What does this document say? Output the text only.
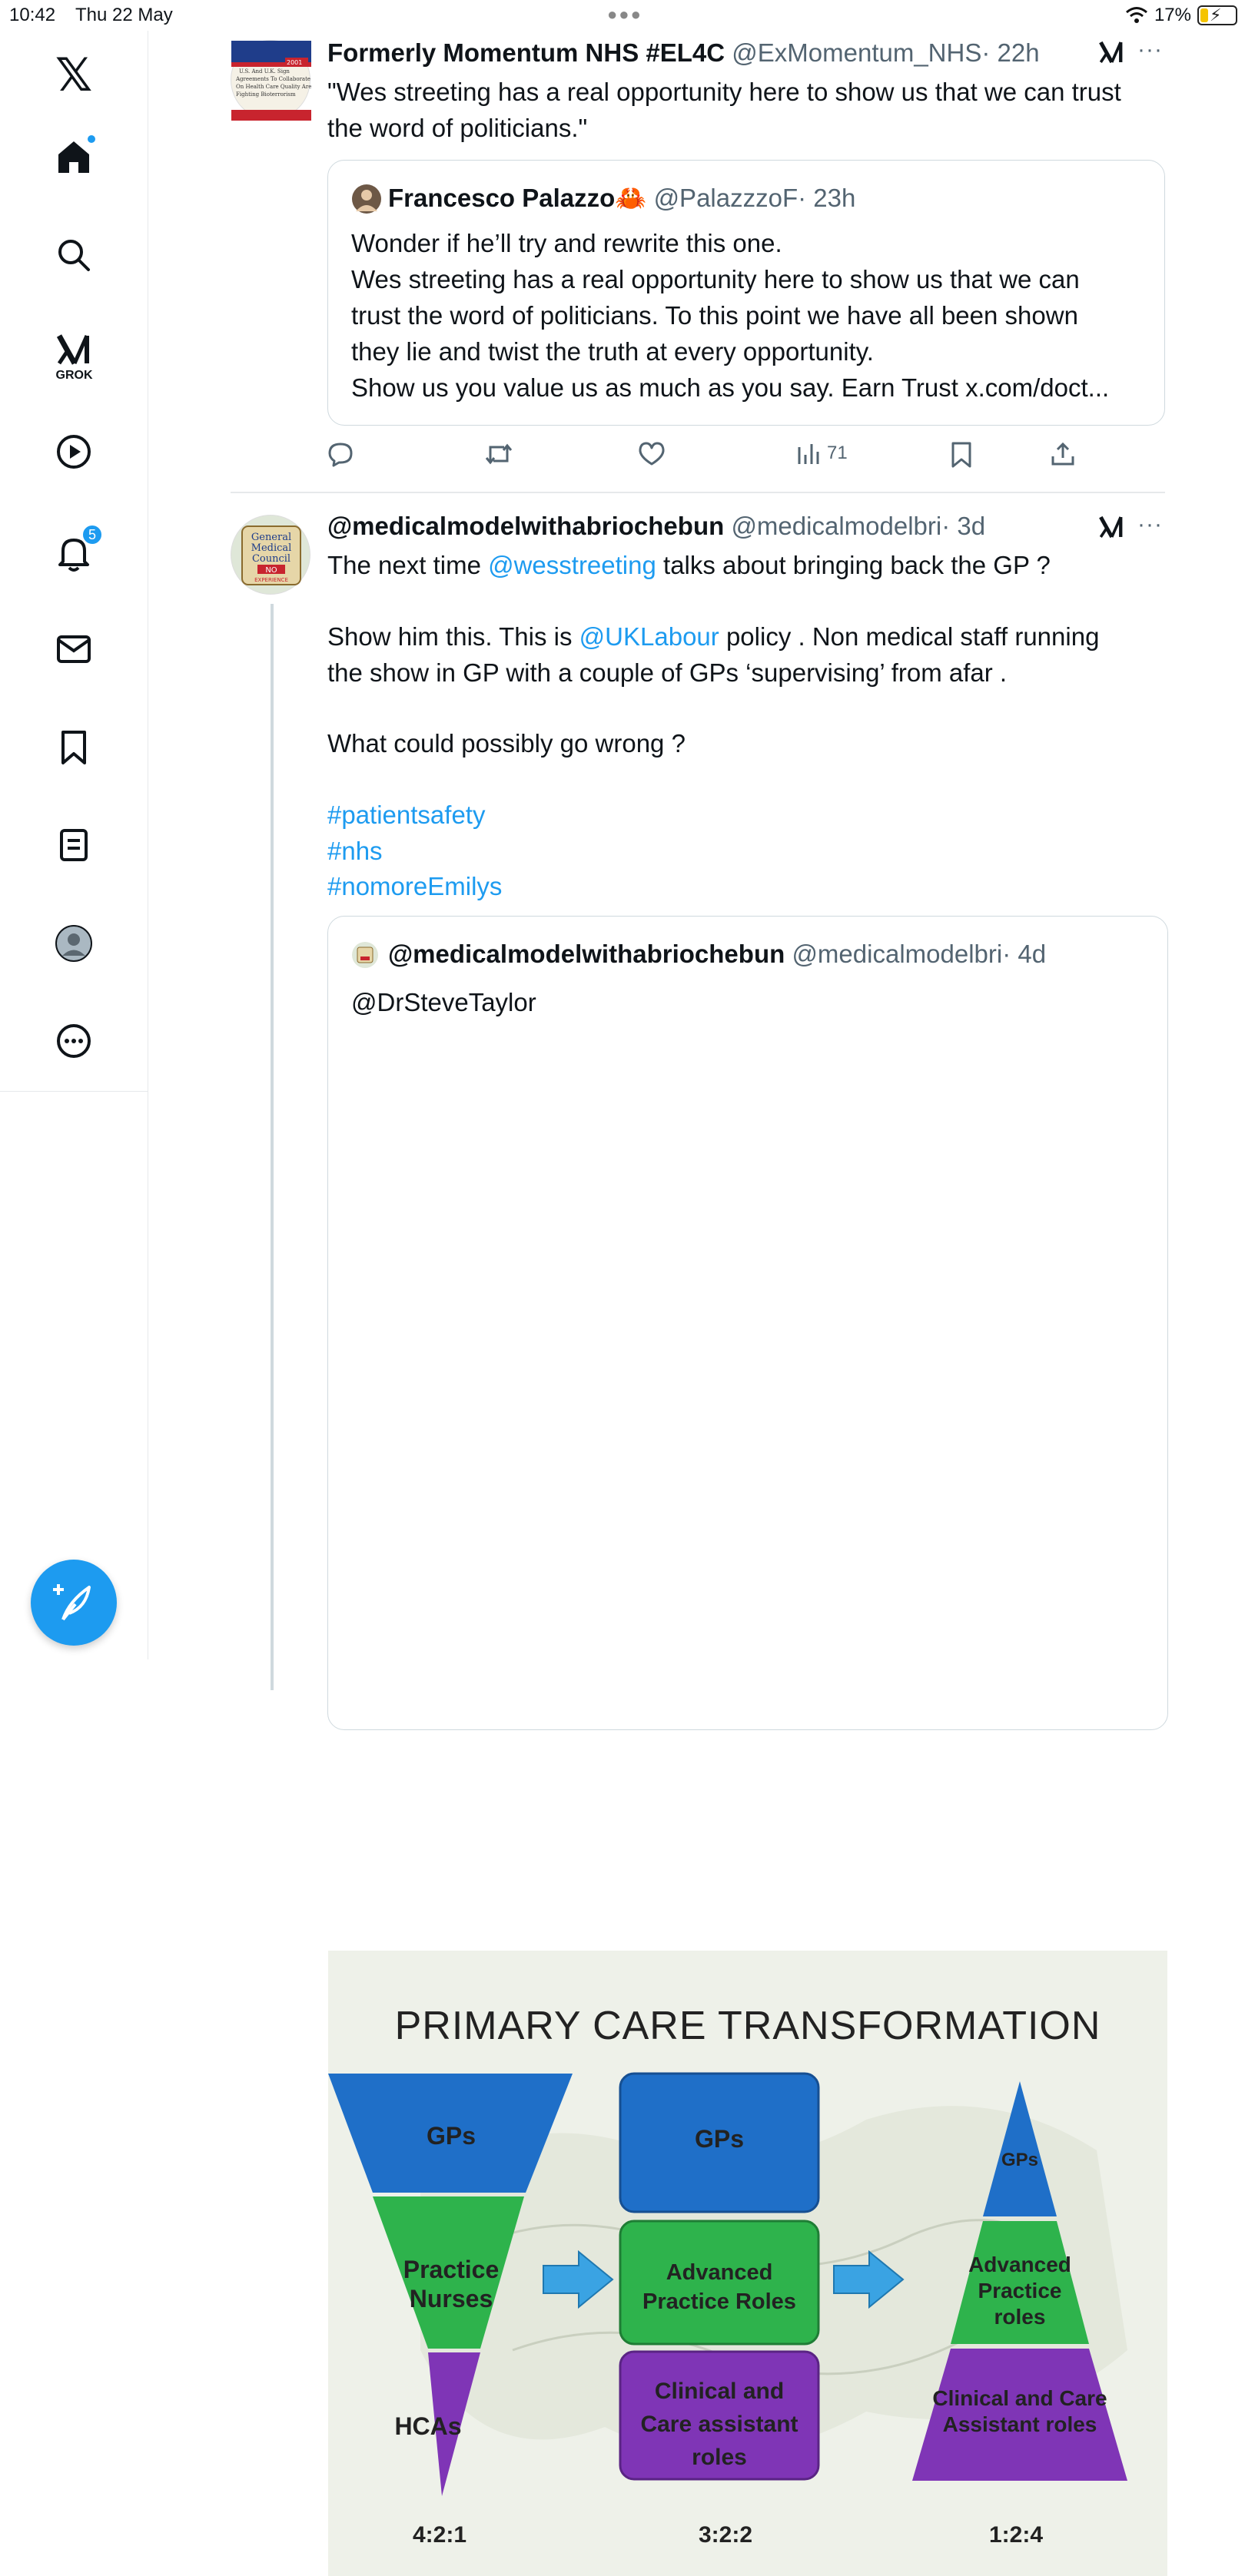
10:42 Thu 22 May	●●●	17% ⚡
𝕏
GROK
5
2001
U.S. And U.K. Sign
Agreements To Collaborate
On Health Care Quality Are
Fighting Bioterrorism
Formerly Momentum NHS #EL4C @ExMomentum_NHS· 22h	···
"Wes streeting has a real opportunity here to show us that we can trust
the word of politicians."
Francesco Palazzo🦀 @PalazzzoF· 23h
Wonder if he’ll try and rewrite this one.
Wes streeting has a real opportunity here to show us that we can
trust the word of politicians. To this point we have all been shown
they lie and twist the truth at every opportunity.
Show us you value us as much as you say. Earn Trust x.com/doct...
71
General
Medical
Council
NO
EXPERIENCE
@medicalmodelwithabriochebun @medicalmodelbri· 3d	···
The next time @wesstreeting talks about bringing back the GP ?
Show him this. This is @UKLabour policy . Non medical staff running
the show in GP with a couple of GPs ‘supervising’ from afar .
What could possibly go wrong ?
#patientsafety
#nhs
#nomoreEmilys
@medicalmodelwithabriochebun @medicalmodelbri· 4d
@DrSteveTaylor
PRIMARY CARE TRANSFORMATION
GPs
Practice
Nurses
HCAs
GPs
Advanced
Practice Roles
Clinical and
Care assistant
roles
GPs
Advanced
Practice
roles
Clinical and Care
Assistant roles
4:2:1	3:2:2	1:2:4
